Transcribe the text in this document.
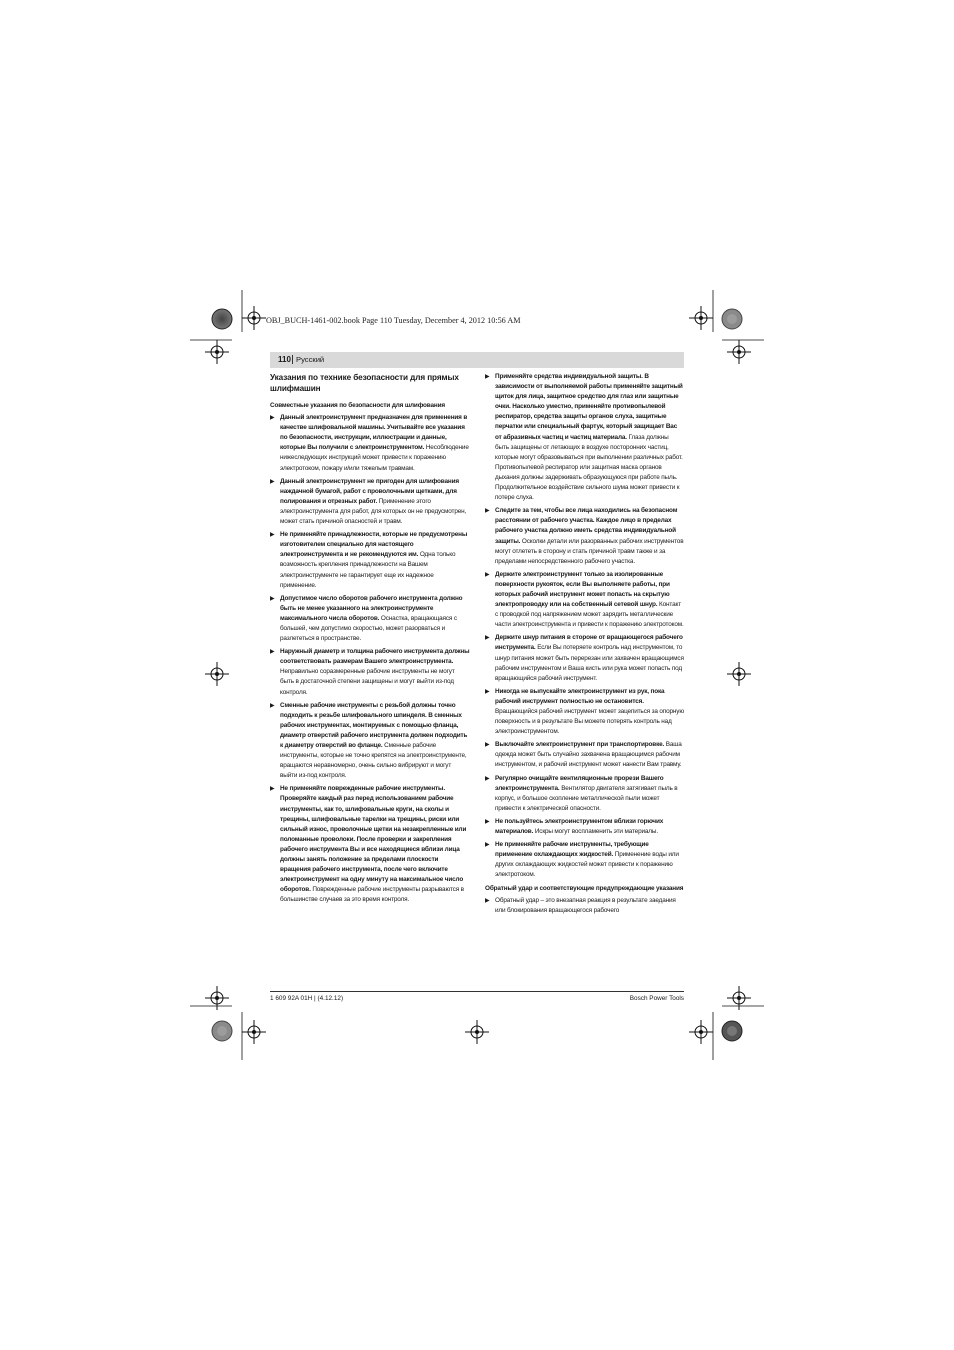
OBJ_BUCH-1461-002.book Page 110 Tuesday, December 4, 2012 10:56 AM
110 Русский
Указания по технике безопасности для прямых шлифмашин
Совместные указания по безопасности для шлифования
▶ Данный электроинструмент предназначен для применения в качестве шлифовальной машины. Учитывайте все указания по безопасности, инструкции, иллюстрации и данные, которые Вы получили с электроинструментом. Несоблюдение нижеследующих инструкций может привести к поражению электротоком, пожару и/или тяжелым травмам.
▶ Данный электроинструмент не пригоден для шлифования наждачной бумагой, работ с проволочными щетками, для полирования и отрезных работ. Применение этого электроинструмента для работ, для которых он не предусмотрен, может стать причиной опасностей и травм.
▶ Не применяйте принадлежности, которые не предусмотрены изготовителем специально для настоящего электроинструмента и не рекомендуются им. Одна только возможность крепления принадлежности на Вашем электроинструменте не гарантирует еще их надежное применение.
▶ Допустимое число оборотов рабочего инструмента должно быть не менее указанного на электроинструменте максимального числа оборотов. Оснастка, вращающаяся с большей, чем допустимо скоростью, может разорваться и разлететься в пространстве.
▶ Наружный диаметр и толщина рабочего инструмента должны соответствовать размерам Вашего электроинструмента. Неправильно соразмеренные рабочие инструменты не могут быть в достаточной степени защищены и могут выйти из-под контроля.
▶ Сменные рабочие инструменты с резьбой должны точно подходить к резьбе шлифовального шпинделя. В сменных рабочих инструментах, монтируемых с помощью фланца, диаметр отверстий рабочего инструмента должен подходить к диаметру отверстий во фланце. Сменные рабочие инструменты, которые не точно крепятся на электроинструменте, вращаются неравномерно, очень сильно вибрируют и могут выйти из-под контроля.
▶ Не применяйте поврежденные рабочие инструменты. Проверяйте каждый раз перед использованием рабочие инструменты, как то, шлифовальные круги, на сколы и трещины, шлифовальные тарелки на трещины, риски или сильный износ, проволочные щетки на незакрепленные или поломанные проволоки. После проверки и закрепления рабочего инструмента Вы и все находящиеся вблизи лица должны занять положение за пределами плоскости вращения рабочего инструмента, после чего включите электроинструмент на одну минуту на максимальное число оборотов. Поврежденные рабочие инструменты разрываются в большинстве случаев за это время контроля.
▶ Применяйте средства индивидуальной защиты. В зависимости от выполняемой работы применяйте защитный щиток для лица, защитное средство для глаз или защитные очки. Насколько уместно, применяйте противопылевой респиратор, средства защиты органов слуха, защитные перчатки или специальный фартук, который защищает Вас от абразивных частиц и частиц материала. Глаза должны быть защищены от летающих в воздухе посторонних частиц, которые могут образовываться при выполнении различных работ. Противопылевой респиратор или защитная маска органов дыхания должны задерживать образующуюся при работе пыль. Продолжительное воздействие сильного шума может привести к потере слуха.
▶ Следите за тем, чтобы все лица находились на безопасном расстоянии от рабочего участка. Каждое лицо в пределах рабочего участка должно иметь средства индивидуальной защиты. Осколки детали или разорванных рабочих инструментов могут отлететь в сторону и стать причиной травм также и за пределами непосредственного рабочего участка.
▶ Держите электроинструмент только за изолированные поверхности рукояток, если Вы выполняете работы, при которых рабочий инструмент может попасть на скрытую электропроводку или на собственный сетевой шнур. Контакт с проводкой под напряжением может зарядить металлические части электроинструмента и привести к поражению электротоком.
▶ Держите шнур питания в стороне от вращающегося рабочего инструмента. Если Вы потеряете контроль над инструментом, то шнур питания может быть перерезан или захвачен вращающимся рабочим инструментом и Ваша кисть или рука может попасть под вращающийся рабочий инструмент.
▶ Никогда не выпускайте электроинструмент из рук, пока рабочий инструмент полностью не остановится. Вращающийся рабочий инструмент может зацепиться за опорную поверхность и в результате Вы можете потерять контроль над электроинструментом.
▶ Выключайте электроинструмент при транспортировке. Ваша одежда может быть случайно захвачена вращающимся рабочим инструментом, и рабочий инструмент может нанести Вам травму.
▶ Регулярно очищайте вентиляционные прорези Вашего электроинструмента. Вентилятор двигателя затягивает пыль в корпус, и большое скопление металлической пыли может привести к электрической опасности.
▶ Не пользуйтесь электроинструментом вблизи горючих материалов. Искры могут воспламенить эти материалы.
▶ Не применяйте рабочие инструменты, требующие применение охлаждающих жидкостей. Применение воды или других охлаждающих жидкостей может привести к поражению электротоком.
Обратный удар и соответствующие предупреждающие указания
▶ Обратный удар – это внезапная реакция в результате заедания или блокирования вращающегося рабочего
1 609 92A 01H | (4.12.12)	Bosch Power Tools
